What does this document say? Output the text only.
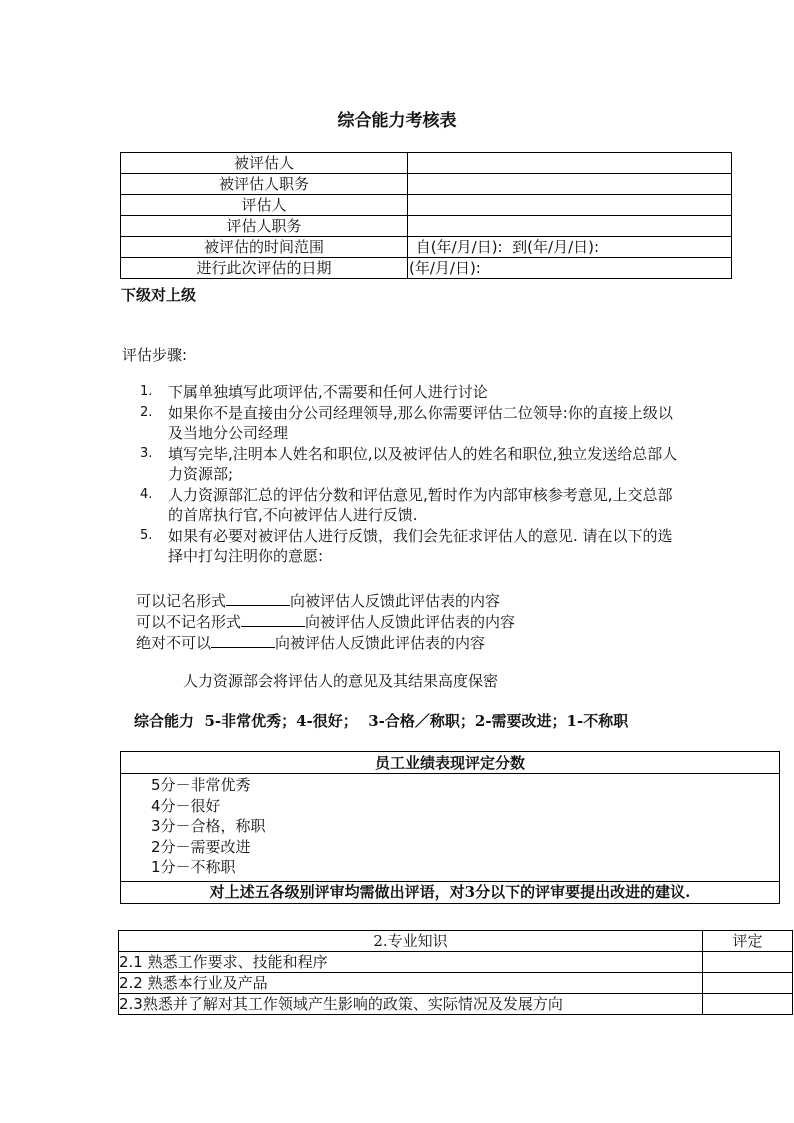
综合能力考核表
被评估人	
被评估人职务	
评估人	
评估人职务	
被评估的时间范围	自(年/月/日):  到(年/月/日):
进行此次评估的日期	(年/月/日):
下级对上级
评估步骤:

1. 下属单独填写此项评估,不需要和任何人进行讨论

2. 如果你不是直接由分公司经理领导,那么你需要评估二位领导:你的直接上级以及当地分公司经理

3. 填写完毕,注明本人姓名和职位,以及被评估人的姓名和职位,独立发送给总部人力资源部;

4. 人力资源部汇总的评估分数和评估意见,暂时作为内部审核参考意见,上交总部的首席执行官,不向被评估人进行反馈.

5. 如果有必要对被评估人进行反馈，我们会先征求评估人的意见. 请在以下的选择中打勾注明你的意愿:

可以记名形式	向被评估人反馈此评估表的内容
可以不记名形式	向被评估人反馈此评估表的内容
绝对不可以	向被评估人反馈此评估表的内容
人力资源部会将评估人的意见及其结果高度保密
综合能力  5-非常优秀；4-很好；  3-合格／称职；2-需要改进；1-不称职
员工业绩表现评定分数

5分－非常优秀
4分－很好
3分－合格，称职
2分－需要改进
1分－不称职

对上述五各级别评审均需做出评语，对3分以下的评审要提出改进的建议.
2.专业知识	评定
2.1 熟悉工作要求、技能和程序	
2.2 熟悉本行业及产品	
2.3熟悉并了解对其工作领域产生影响的政策、实际情况及发展方向	
